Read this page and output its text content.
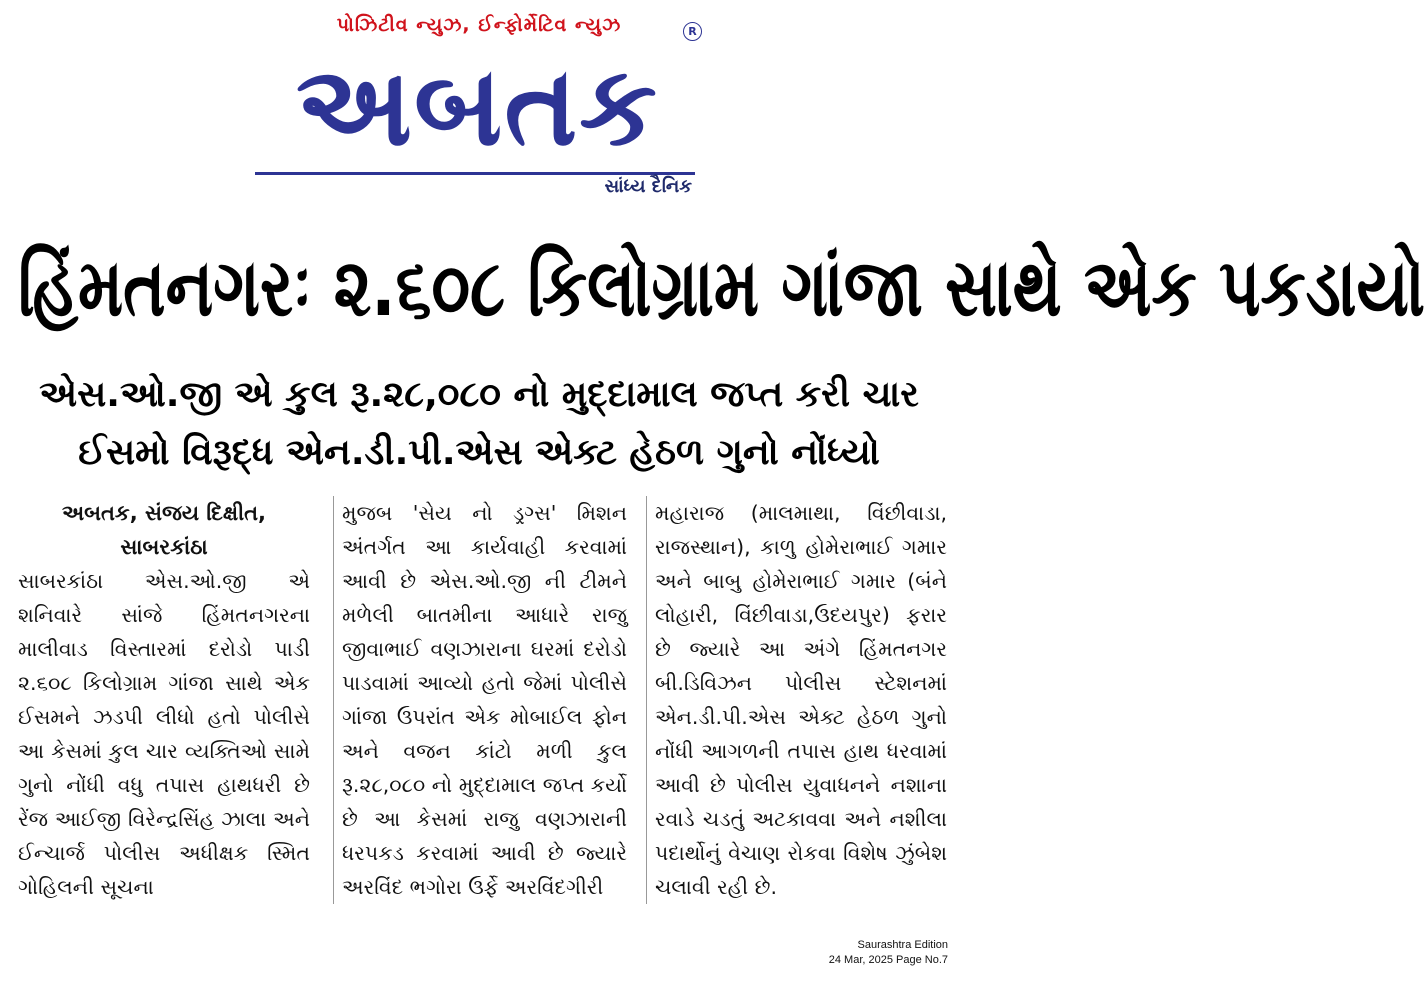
પોઝિટીવ ન્યુઝ, ઈન્ફોર્મેટિવ ન્યુઝ
અબતક
R
સાંધ્ય દૈનિક
હિંમતનગરઃ ૨.૬૦૮ કિલોગ્રામ ગાંજા સાથે એક પકડાયો
એસ.ઓ.જી એ કુલ રૂ.૨૮,૦૮૦ નો મુદ્દામાલ જપ્ત કરી ચાર
ઈસમો વિરૂદ્ધ એન.ડી.પી.એસ એક્ટ હેઠળ ગુનો નોંધ્યો
અબતક, સંજય દિક્ષીત,
સાબરકાંઠા

સાબરકાંઠા એસ.ઓ.જી એ શનિવારે સાંજે હિંમતનગરના માલીવાડ વિસ્તારમાં દરોડો પાડી ૨.૬૦૮ કિલોગ્રામ ગાંજા સાથે એક ઈસમને ઝડપી લીધો હતો પોલીસે આ કેસમાં કુલ ચાર વ્યક્તિઓ સામે ગુનો નોંધી વધુ તપાસ હાથધરી છે રેંજ આઈજી વિરેન્દ્રસિંહ ઝાલા અને ઈન્ચાર્જ પોલીસ અધીક્ષક સ્મિત ગોહિલની સૂચના

મુજબ 'સેય નો ડ્રગ્સ' મિશન અંતર્ગત આ કાર્યવાહી કરવામાં આવી છે એસ.ઓ.જી ની ટીમને મળેલી બાતમીના આધારે રાજુ જીવાભાઈ વણઝારાના ઘરમાં દરોડો પાડવામાં આવ્યો હતો જેમાં પોલીસે ગાંજા ઉપરાંત એક મોબાઈલ ફોન અને વજન કાંટો મળી કુલ રૂ.૨૮,૦૮૦ નો મુદ્દામાલ જપ્ત કર્યો છે આ કેસમાં રાજુ વણઝારાની ધરપકડ કરવામાં આવી છે જ્યારે અરવિંદ ભગોરા ઉર્ફે અરવિંદગીરી

મહારાજ (માલમાથા, વિંછીવાડા, રાજસ્થાન), કાળુ હોમેરાભાઈ ગમાર અને બાબુ હોમેરાભાઈ ગમાર (બંને લોહારી, વિંછીવાડા,ઉદયપુર) ફરાર છે જ્યારે આ અંગે હિંમતનગર બી.ડિવિઝન પોલીસ સ્ટેશનમાં એન.ડી.પી.એસ એક્ટ હેઠળ ગુનો નોંધી આગળની તપાસ હાથ ધરવામાં આવી છે પોલીસ યુવાધનને નશાના રવાડે ચડતું અટકાવવા અને નશીલા પદાર્થોનું વેચાણ રોકવા વિશેષ ઝુંબેશ ચલાવી રહી છે.

Saurashtra Edition
24 Mar, 2025 Page No.7
